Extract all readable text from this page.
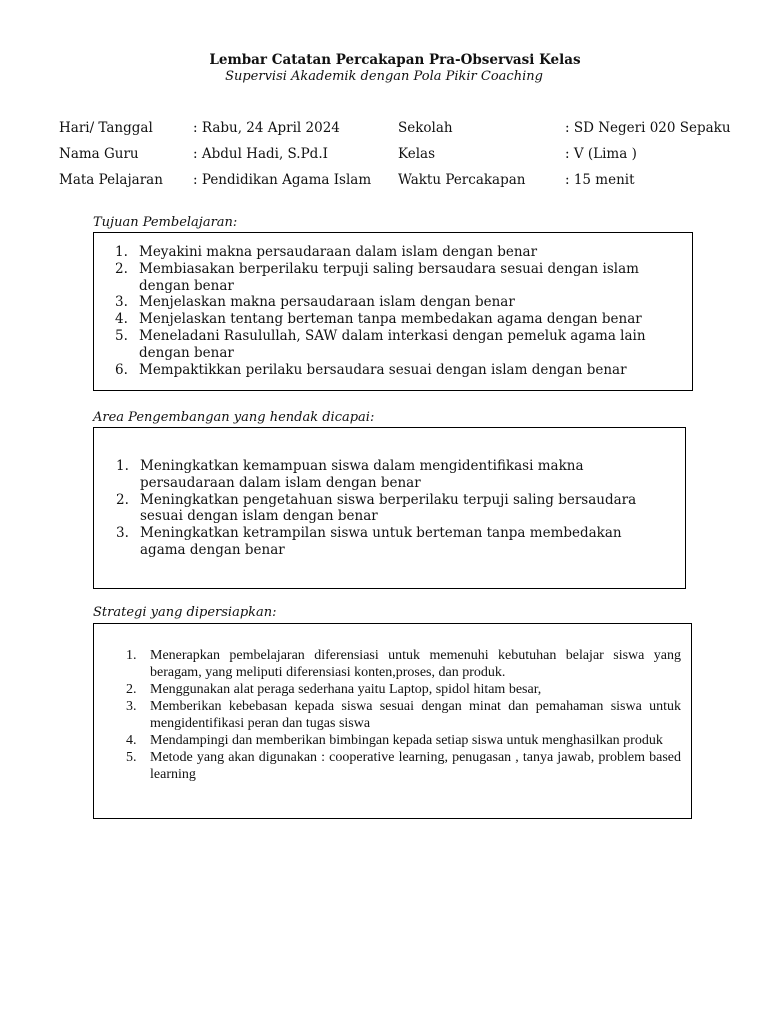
Lembar Catatan Percakapan Pra-Observasi Kelas
Supervisi Akademik dengan Pola Pikir Coaching
Hari/ Tanggal	: Rabu, 24 April 2024	Sekolah	: SD Negeri 020 Sepaku
Nama Guru	: Abdul Hadi, S.Pd.I	Kelas	: V (Lima )
Mata Pelajaran	: Pendidikan Agama Islam	Waktu Percakapan	: 15 menit
Tujuan Pembelajaran:
1. Meyakini makna persaudaraan dalam islam dengan benar
2. Membiasakan berperilaku terpuji saling bersaudara sesuai dengan islam dengan benar
3. Menjelaskan makna persaudaraan islam dengan benar
4. Menjelaskan tentang berteman tanpa membedakan agama dengan benar
5. Meneladani Rasulullah, SAW dalam interkasi dengan pemeluk agama lain dengan benar
6. Mempaktikkan perilaku bersaudara sesuai dengan islam dengan benar
Area Pengembangan yang hendak dicapai:
1. Meningkatkan kemampuan siswa dalam mengidentifikasi makna persaudaraan dalam islam dengan benar
2. Meningkatkan pengetahuan siswa berperilaku terpuji saling bersaudara sesuai dengan islam dengan benar
3. Meningkatkan ketrampilan siswa untuk berteman tanpa membedakan agama dengan benar
Strategi yang dipersiapkan:
1. Menerapkan pembelajaran diferensiasi untuk memenuhi kebutuhan belajar siswa yang beragam, yang meliputi diferensiasi konten,proses, dan produk.
2. Menggunakan alat peraga sederhana yaitu Laptop, spidol hitam besar,
3. Memberikan kebebasan kepada siswa sesuai dengan minat dan pemahaman siswa untuk mengidentifikasi peran dan tugas siswa
4. Mendampingi dan memberikan bimbingan kepada setiap siswa untuk menghasilkan produk
5. Metode yang akan digunakan : cooperative learning, penugasan , tanya jawab, problem based learning
